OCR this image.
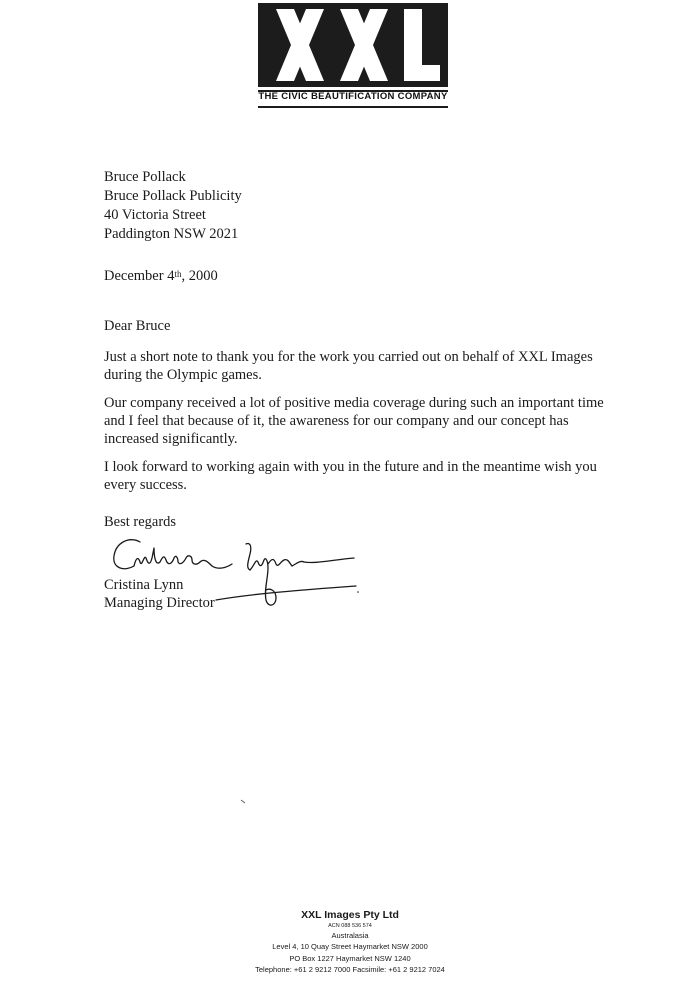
THE CIVIC BEAUTIFICATION COMPANY
Bruce Pollack
Bruce Pollack Publicity
40 Victoria Street
Paddington NSW 2021
December 4th, 2000
Dear Bruce

Just a short note to thank you for the work you carried out on behalf of XXL Images during the Olympic games.

Our company received a lot of positive media coverage during such an important time and I feel that because of it, the awareness for our company and our concept has increased significantly.

I look forward to working again with you in the future and in the meantime wish you every success.

Best regards
Cristina Lynn
Managing Director
XXL Images Pty Ltd
ACN 088 536 574
Australasia
Level 4, 10 Quay Street Haymarket NSW 2000
PO Box 1227 Haymarket NSW 1240
Telephone: +61 2 9212 7000 Facsimile: +61 2 9212 7024
